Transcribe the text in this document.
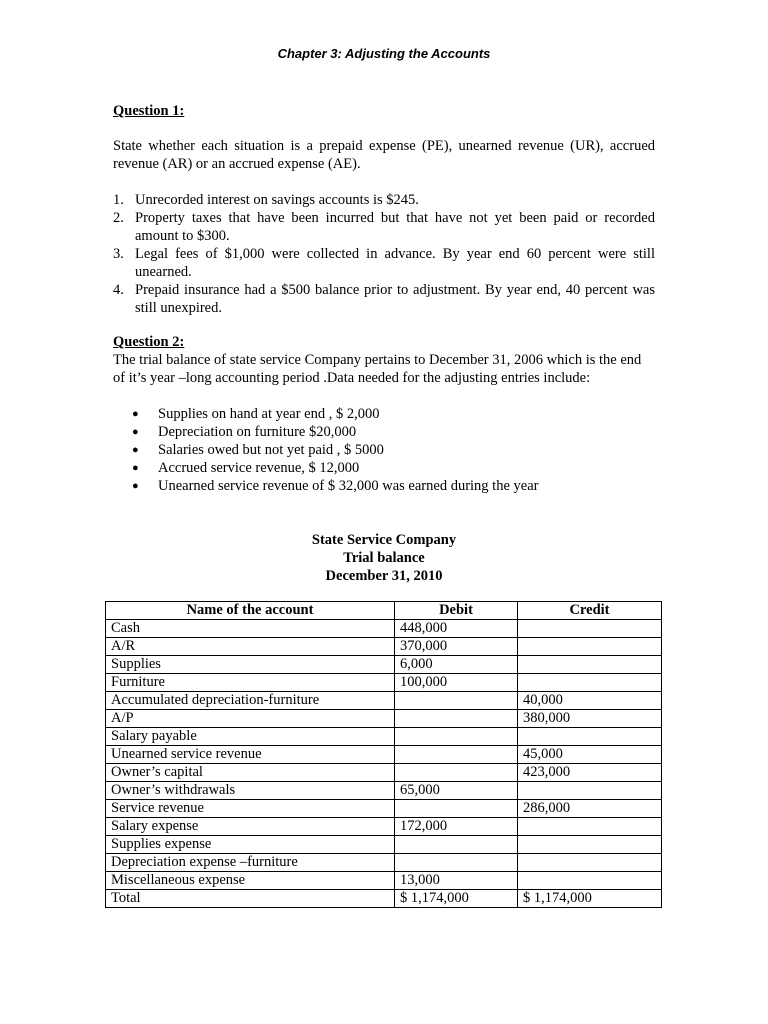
Chapter 3: Adjusting the Accounts
Question 1:
State whether each situation is a prepaid expense (PE), unearned revenue (UR), accrued revenue (AR) or an accrued expense (AE).
1. Unrecorded interest on savings accounts is $245.
2. Property taxes that have been incurred but that have not yet been paid or recorded amount to $300.
3. Legal fees of $1,000 were collected in advance. By year end 60 percent were still unearned.
4. Prepaid insurance had a $500 balance prior to adjustment. By year end, 40 percent was still unexpired.
Question 2:
The trial balance of state service Company pertains to December 31, 2006 which is the end of it’s year –long accounting period .Data needed for the adjusting entries include:
● Supplies on hand at year end , $ 2,000
● Depreciation on furniture $20,000
● Salaries owed but not yet paid , $ 5000
● Accrued service revenue, $ 12,000
● Unearned service revenue of $ 32,000 was earned during the year
State Service Company
Trial balance
December 31, 2010
Name of the account	Debit	Credit
Cash	448,000	
A/R	370,000	
Supplies	6,000	
Furniture	100,000	
Accumulated depreciation-furniture		40,000
A/P		380,000
Salary payable		
Unearned service revenue		45,000
Owner’s capital		423,000
Owner’s withdrawals	65,000	
Service revenue		286,000
Salary expense	172,000	
Supplies expense		
Depreciation expense –furniture		
Miscellaneous expense	13,000	
Total	$ 1,174,000	$ 1,174,000
